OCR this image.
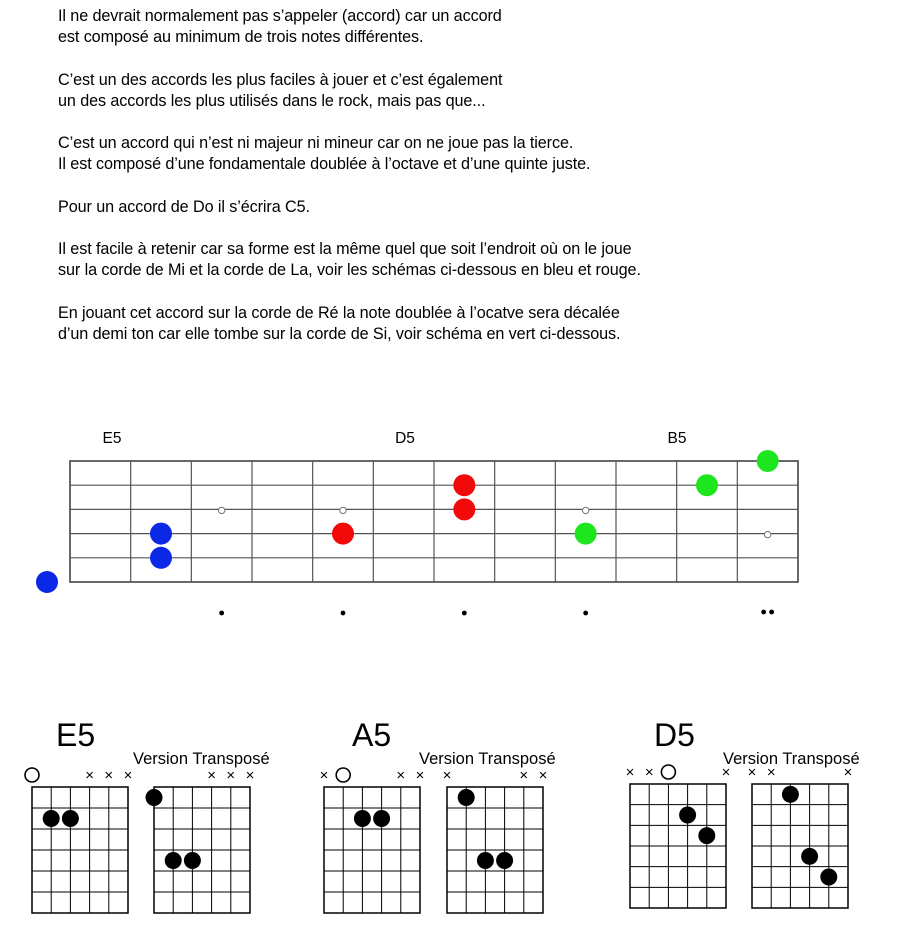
Il ne devrait normalement pas s’appeler (accord) car un accord
est composé au minimum de trois notes différentes.

C’est un des accords les plus faciles à jouer et c’est également
un des accords les plus utilisés dans le rock, mais pas que...

C’est un accord qui n’est ni majeur ni mineur car on ne joue pas la tierce.
Il est composé d’une fondamentale doublée à l’octave et d’une quinte juste.

Pour un accord de Do il s’écrira C5.

Il est facile à retenir car sa forme est la même quel que soit l’endroit où on le joue
sur la corde de Mi et la corde de La, voir les schémas ci-dessous en bleu et rouge.

En jouant cet accord sur la corde de Ré la note doublée à l’ocatve sera décalée
d’un demi ton car elle tombe sur la corde de Si, voir schéma en vert ci-dessous.

E5	D5	B5
E5
Version Transposé
× × ×	× × ×
A5
Version Transposé
×	× × ×	× ×
D5
Version Transposé
× ×	× × ×	×
